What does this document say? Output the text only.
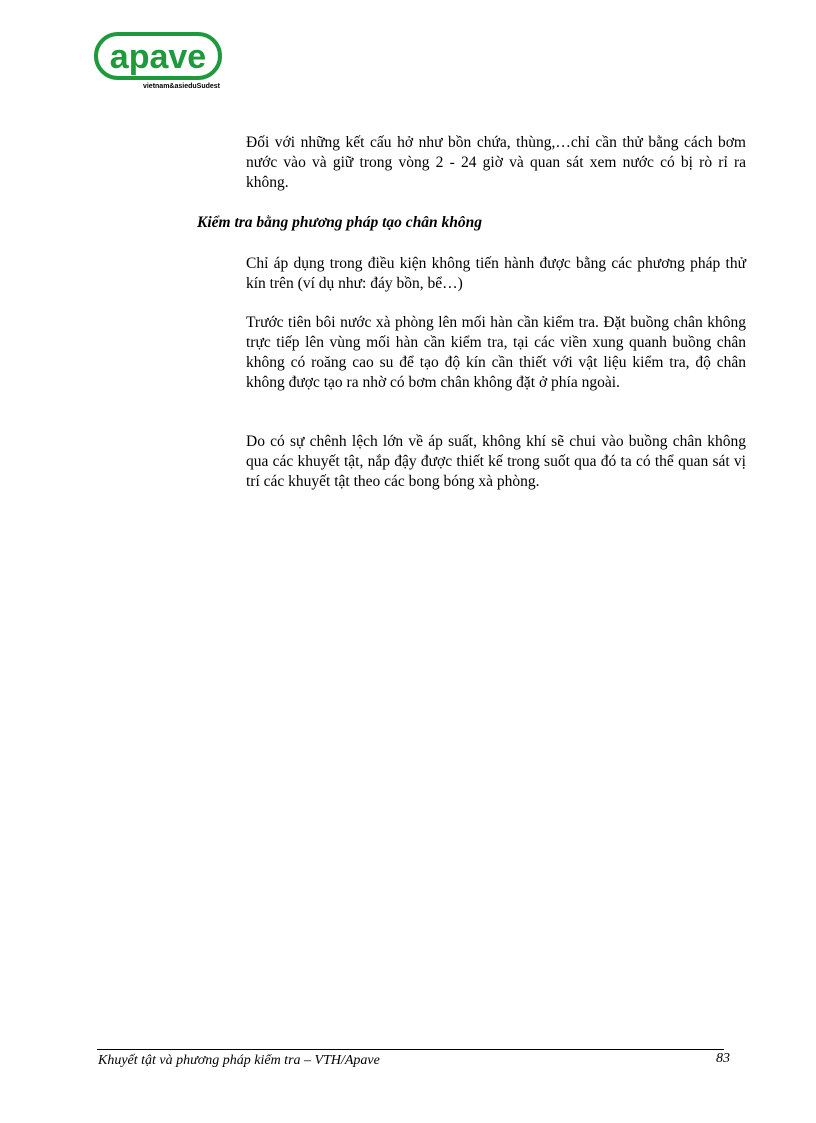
apave
vietnam&asieduSudest

Đối với những kết cấu hở như bồn chứa, thùng,…chỉ cần thử bằng cách bơm nước vào và giữ trong vòng 2 - 24 giờ và quan sát xem nước có bị rò rỉ ra không.

Kiểm tra bằng phương pháp tạo chân không

Chỉ áp dụng trong điều kiện không tiến hành được bằng các phương pháp thử kín trên (ví dụ như: đáy bồn, bể…)

Trước tiên bôi nước xà phòng lên mối hàn cần kiểm tra. Đặt buồng chân không trực tiếp lên vùng mối hàn cần kiểm tra, tại các viền xung quanh buồng chân không có roăng cao su để tạo độ kín cần thiết với vật liệu kiểm tra, độ chân không được tạo ra nhờ có bơm chân không đặt ở phía ngoài.

Do có sự chênh lệch lớn về áp suất, không khí sẽ chui vào buồng chân không qua các khuyết tật, nắp đậy được thiết kế trong suốt qua đó ta có thể quan sát vị trí các khuyết tật theo các bong bóng xà phòng.

Khuyết tật và phương pháp kiểm tra – VTH/Apave	83
